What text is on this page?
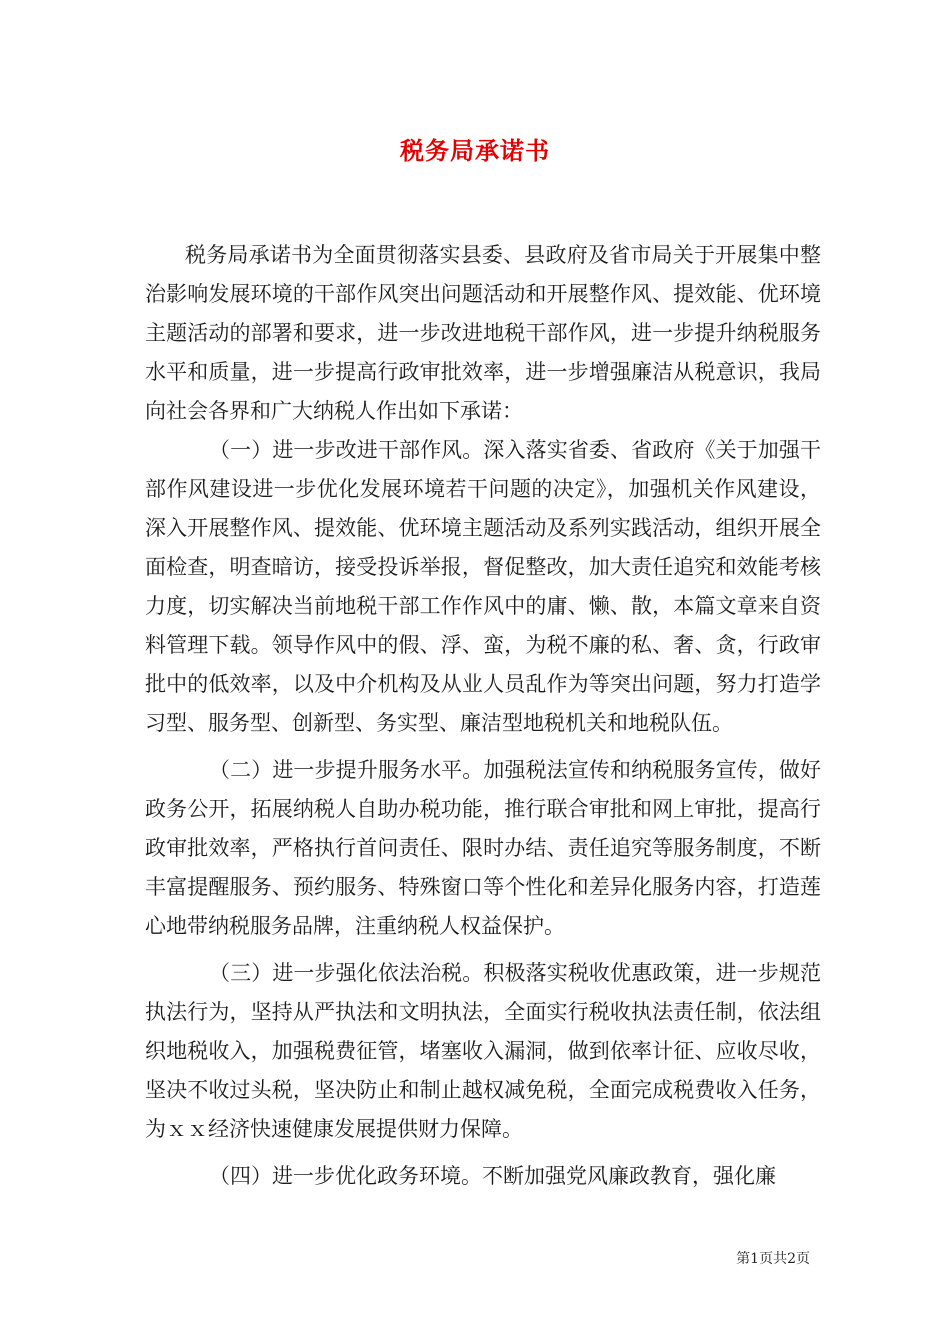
税务局承诺书

税务局承诺书为全面贯彻落实县委、县政府及省市局关于开展集中整治影响发展环境的干部作风突出问题活动和开展整作风、提效能、优环境主题活动的部署和要求，进一步改进地税干部作风，进一步提升纳税服务水平和质量，进一步提高行政审批效率，进一步增强廉洁从税意识，我局向社会各界和广大纳税人作出如下承诺：

（一）进一步改进干部作风。深入落实省委、省政府《关于加强干部作风建设进一步优化发展环境若干问题的决定》，加强机关作风建设，深入开展整作风、提效能、优环境主题活动及系列实践活动，组织开展全面检查，明查暗访，接受投诉举报，督促整改，加大责任追究和效能考核力度，切实解决当前地税干部工作作风中的庸、懒、散，本篇文章来自资料管理下载。领导作风中的假、浮、蛮，为税不廉的私、奢、贪，行政审批中的低效率，以及中介机构及从业人员乱作为等突出问题，努力打造学习型、服务型、创新型、务实型、廉洁型地税机关和地税队伍。

（二）进一步提升服务水平。加强税法宣传和纳税服务宣传，做好政务公开，拓展纳税人自助办税功能，推行联合审批和网上审批，提高行政审批效率，严格执行首问责任、限时办结、责任追究等服务制度，不断丰富提醒服务、预约服务、特殊窗口等个性化和差异化服务内容，打造莲心地带纳税服务品牌，注重纳税人权益保护。

（三）进一步强化依法治税。积极落实税收优惠政策，进一步规范执法行为，坚持从严执法和文明执法，全面实行税收执法责任制，依法组织地税收入，加强税费征管，堵塞收入漏洞，做到依率计征、应收尽收，坚决不收过头税，坚决防止和制止越权减免税，全面完成税费收入任务，为ｘｘ经济快速健康发展提供财力保障。

（四）进一步优化政务环境。不断加强党风廉政教育，强化廉

第1页共2页
